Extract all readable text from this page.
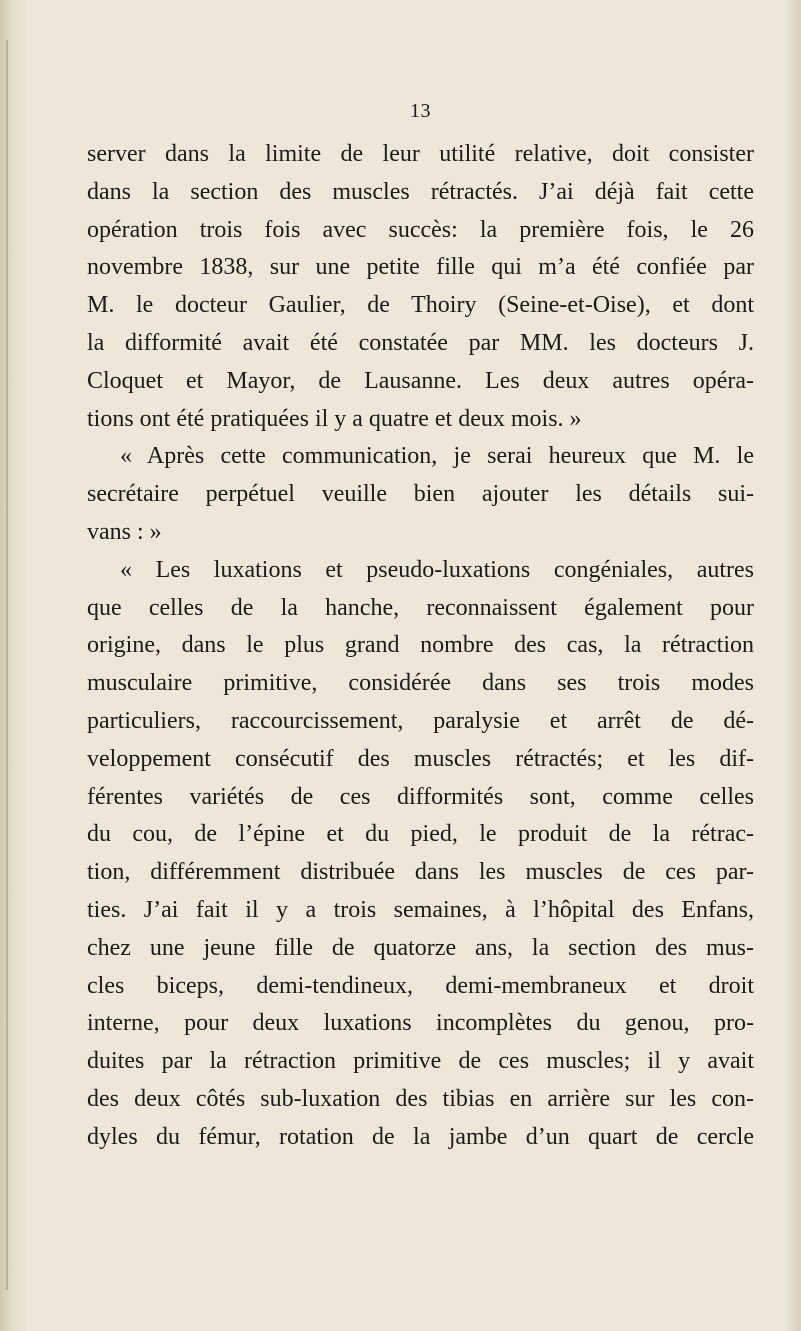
13
server dans la limite de leur utilité relative, doit consister
dans la section des muscles rétractés. J’ai déjà fait cette
opération trois fois avec succès: la première fois, le 26
novembre 1838, sur une petite fille qui m’a été confiée par
M. le docteur Gaulier, de Thoiry (Seine-et-Oise), et dont
la difformité avait été constatée par MM. les docteurs J.
Cloquet et Mayor, de Lausanne. Les deux autres opéra-
tions ont été pratiquées il y a quatre et deux mois. »
« Après cette communication, je serai heureux que M. le
secrétaire perpétuel veuille bien ajouter les détails sui-
vans : »
« Les luxations et pseudo-luxations congéniales, autres
que celles de la hanche, reconnaissent également pour
origine, dans le plus grand nombre des cas, la rétraction
musculaire primitive, considérée dans ses trois modes
particuliers, raccourcissement, paralysie et arrêt de dé-
veloppement consécutif des muscles rétractés; et les dif-
férentes variétés de ces difformités sont, comme celles
du cou, de l’épine et du pied, le produit de la rétrac-
tion, différemment distribuée dans les muscles de ces par-
ties. J’ai fait il y a trois semaines, à l’hôpital des Enfans,
chez une jeune fille de quatorze ans, la section des mus-
cles biceps, demi-tendineux, demi-membraneux et droit
interne, pour deux luxations incomplètes du genou, pro-
duites par la rétraction primitive de ces muscles; il y avait
des deux côtés sub-luxation des tibias en arrière sur les con-
dyles du fémur, rotation de la jambe d’un quart de cercle
